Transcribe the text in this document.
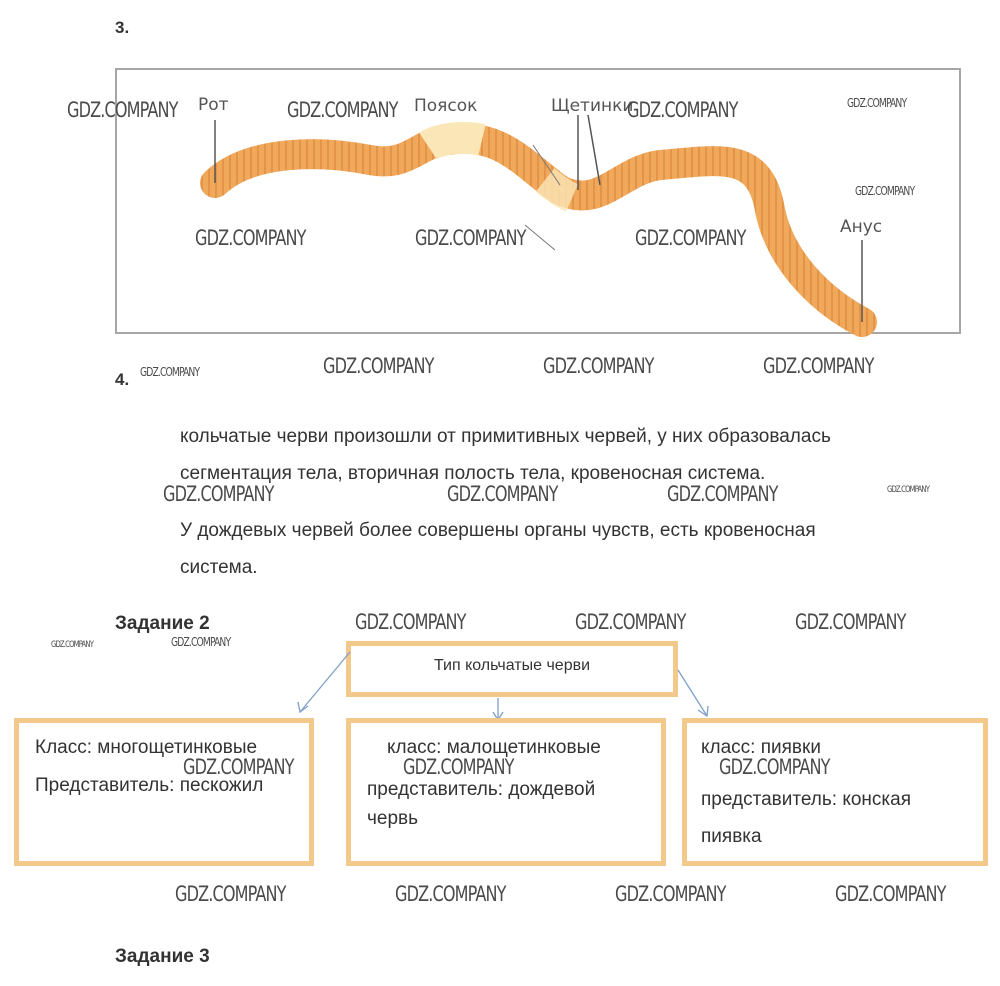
3.
Рот	Поясок	Щетинки
Анус
4.
кольчатые черви произошли от примитивных червей, у них образовалась
сегментация тела, вторичная полость тела, кровеносная система.
У дождевых червей более совершены органы чувств, есть кровеносная
система.
Задание 2
Тип кольчатые черви
Класс: многощетинковые
Представитель: пескожил
класс: малощетинковые
представитель: дождевой
червь
класс: пиявки
представитель: конская
пиявка
Задание 3
GDZ.COMPANY	GDZ.COMPANY	GDZ.COMPANY	GDZ.COMPANY
GDZ.COMPANY
GDZ.COMPANY	GDZ.COMPANY	GDZ.COMPANY
GDZ.COMPANY	GDZ.COMPANY	GDZ.COMPANY	GDZ.COMPANY
GDZ.COMPANY	GDZ.COMPANY	GDZ.COMPANY	GDZ.COMPANY
GDZ.COMPANY	GDZ.COMPANY
GDZ.COMPANY	GDZ.COMPANY	GDZ.COMPANY
GDZ.COMPANY	GDZ.COMPANY	GDZ.COMPANY
GDZ.COMPANY	GDZ.COMPANY	GDZ.COMPANY	GDZ.COMPANY
